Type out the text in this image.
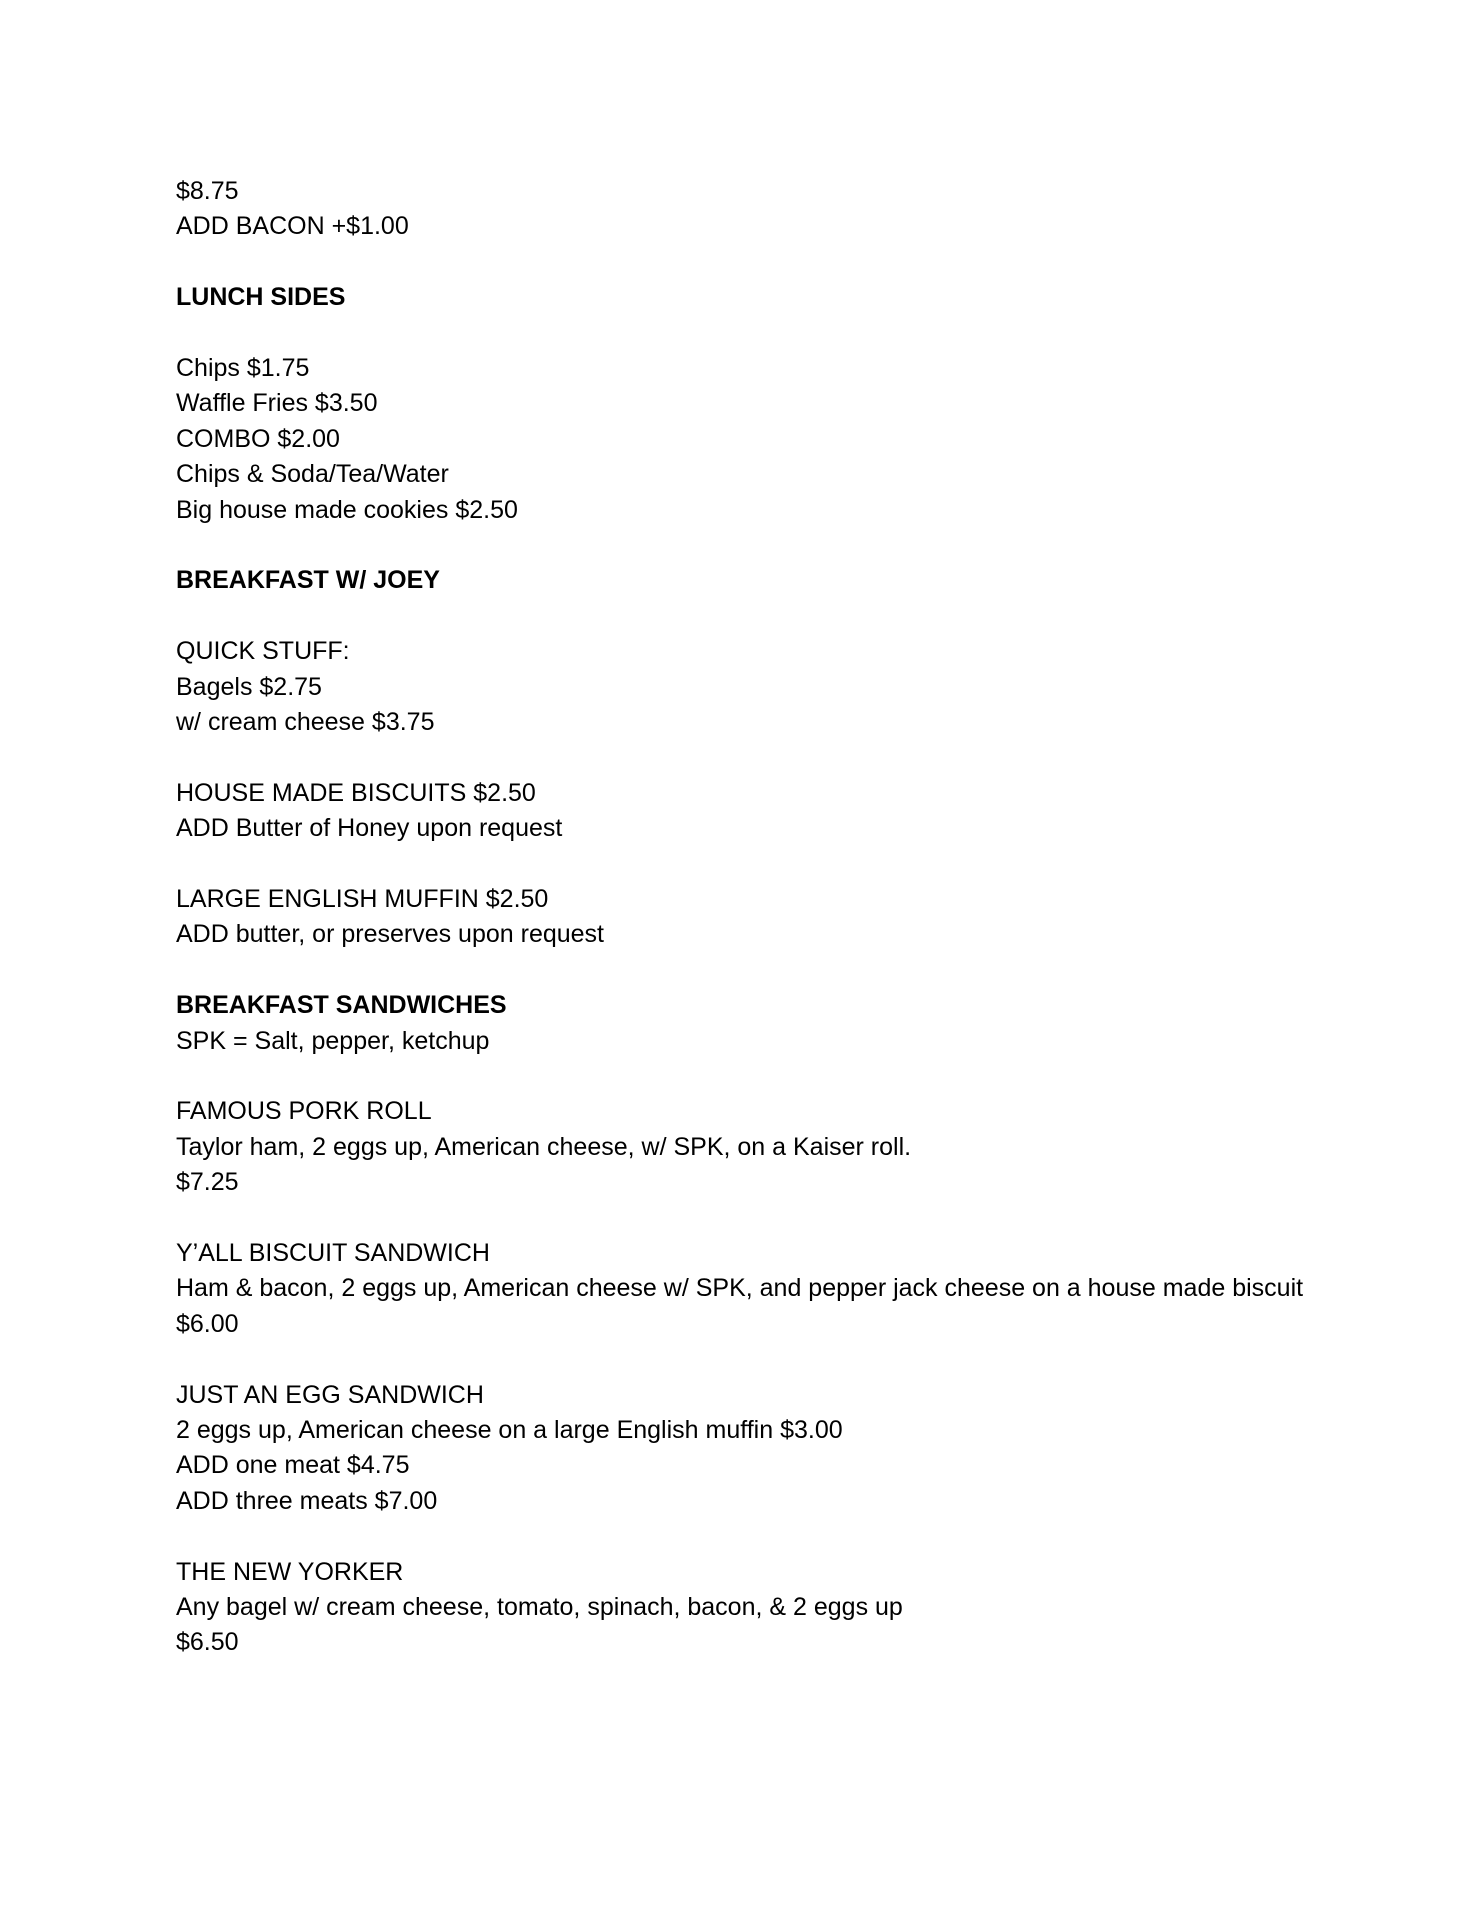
$8.75
ADD BACON +$1.00
LUNCH SIDES
Chips $1.75
Waffle Fries $3.50
COMBO $2.00
Chips & Soda/Tea/Water
Big house made cookies $2.50
BREAKFAST W/ JOEY
QUICK STUFF:
Bagels $2.75
w/ cream cheese $3.75
HOUSE MADE BISCUITS $2.50
ADD Butter of Honey upon request
LARGE ENGLISH MUFFIN $2.50
ADD butter, or preserves upon request
BREAKFAST SANDWICHES
SPK = Salt, pepper, ketchup
FAMOUS PORK ROLL
Taylor ham, 2 eggs up, American cheese, w/ SPK, on a Kaiser roll.
$7.25
Y’ALL BISCUIT SANDWICH
Ham & bacon, 2 eggs up, American cheese w/ SPK, and pepper jack cheese on a house made biscuit
$6.00
JUST AN EGG SANDWICH
2 eggs up, American cheese on a large English muffin $3.00
ADD one meat $4.75
ADD three meats $7.00
THE NEW YORKER
Any bagel w/ cream cheese, tomato, spinach, bacon, & 2 eggs up
$6.50
